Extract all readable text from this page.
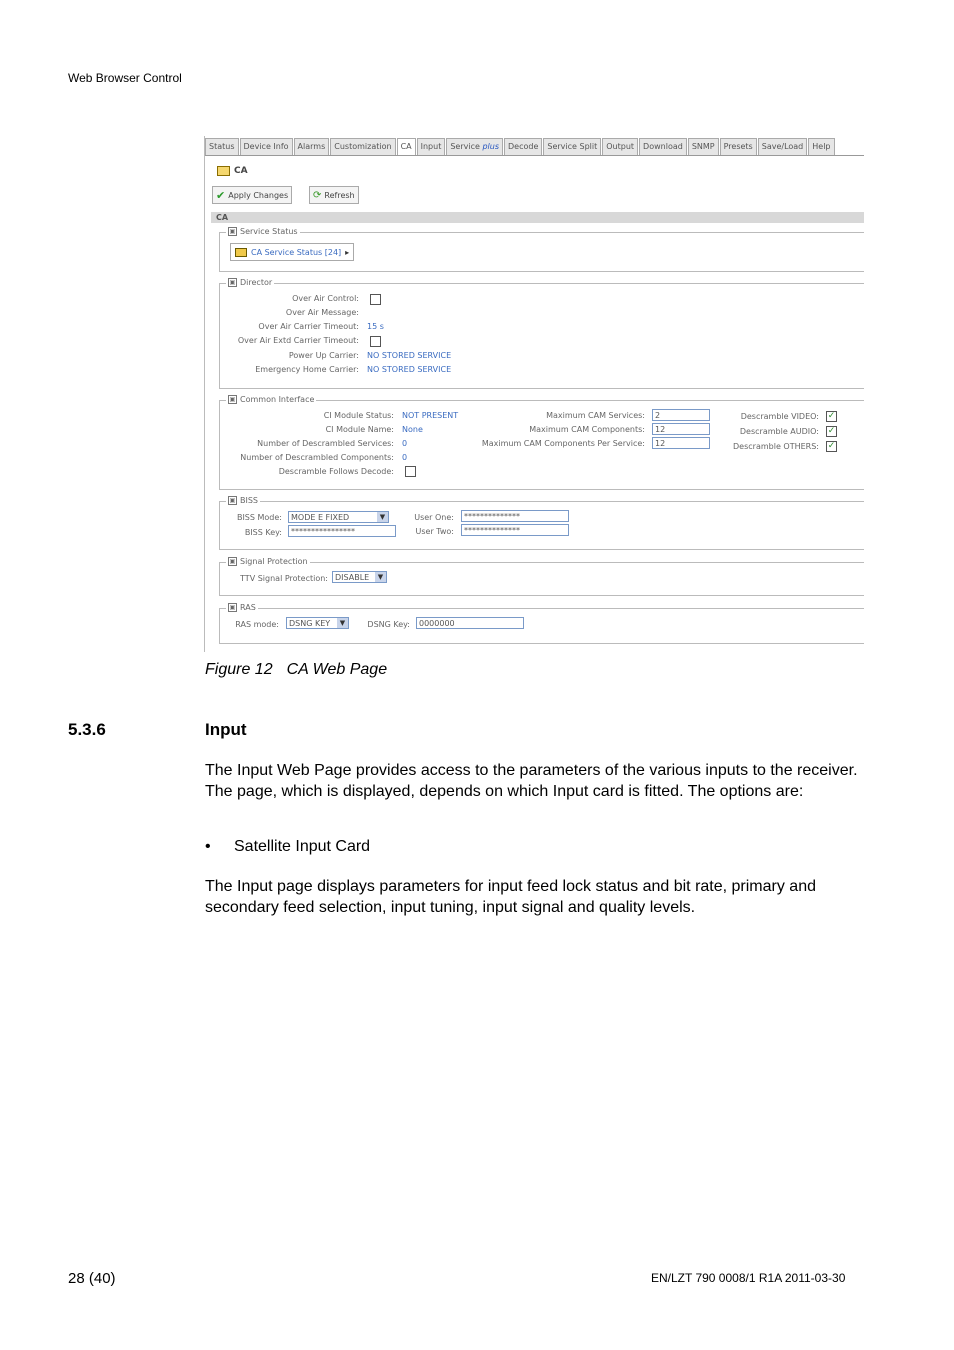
Web Browser Control
Status	Device Info	Alarms	Customization	CA	Input	Service plus	Decode	Service Split	Output	Download	SNMP	Presets	Save/Load	Help
CA
✔ Apply Changes ⟳ Refresh
CA
▣ Service Status
CA Service Status [24] ▸
▣ Director
Over Air Control:
Over Air Message:
Over Air Carrier Timeout: 15 s
Over Air Extd Carrier Timeout:
Power Up Carrier: NO STORED SERVICE
Emergency Home Carrier: NO STORED SERVICE
▣ Common Interface
CI Module Status: NOT PRESENT
CI Module Name: None
Number of Descrambled Services: 0
Number of Descrambled Components: 0
Descramble Follows Decode:
Maximum CAM Services:	2
Maximum CAM Components:	12
Maximum CAM Components Per Service:	12
Descramble VIDEO: ✓
Descramble AUDIO: ✓
Descramble OTHERS: ✓
▣ BISS
BISS Mode:	MODE E FIXED	▼
BISS Key:	****************
User One:	**************
User Two:	**************
▣ Signal Protection
TTV Signal Protection: DISABLE	▼
▣ RAS
RAS mode:	DSNG KEY	▼	DSNG Key:	0000000
Figure 12 CA Web Page
5.3.6	Input
The Input Web Page provides access to the parameters of the various inputs to the receiver. The page, which is displayed, depends on which Input card is fitted. The options are:
• Satellite Input Card
The Input page displays parameters for input feed lock status and bit rate, primary and secondary feed selection, input tuning, input signal and quality levels.
28 (40)	EN/LZT 790 0008/1 R1A 2011-03-30
